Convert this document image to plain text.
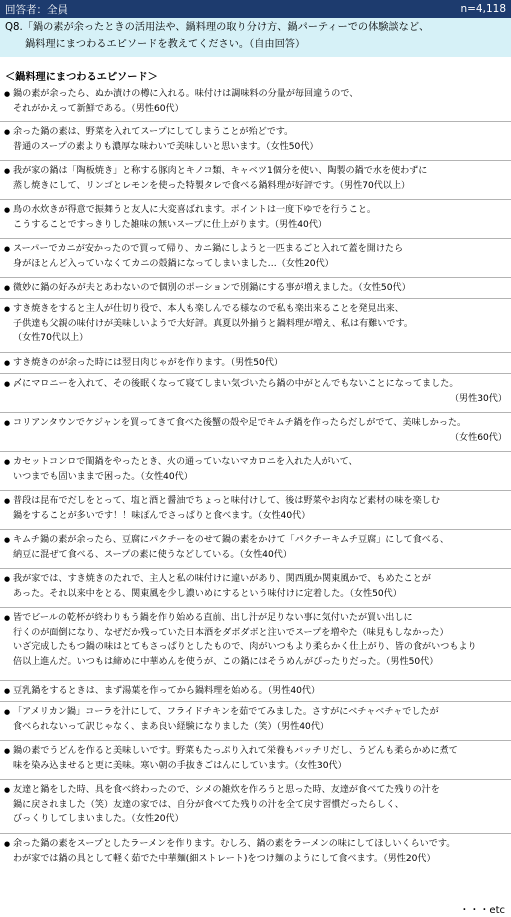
回答者：全員	n=4,118
Q8.「鍋の素が余ったときの活用法や、鍋料理の取り分け方、鍋パーティーでの体験談など、
鍋料理にまつわるエピソードを教えてください。（自由回答）
＜鍋料理にまつわるエピソード＞
● 鍋の素が余ったら、ぬか漬けの樽に入れる。味付けは調味料の分量が毎回違うので、
それがかえって新鮮である。（男性60代）
● 余った鍋の素は、野菜を入れてスープにしてしまうことが殆どです。
普通のスープの素よりも濃厚な味わいで美味しいと思います。（女性50代）
● 我が家の鍋は「陶板焼き」と称する豚肉とキノコ類、キャベツ1個分を使い、陶製の鍋で水を使わずに
蒸し焼きにして、リンゴとレモンを使った特製タレで食べる鍋料理が好評です。（男性70代以上）
● 鳥の水炊きが得意で振舞うと友人に大変喜ばれます。ポイントは一度下ゆでを行うこと。
こうすることですっきりした雑味の無いスープに仕上がります。（男性40代）
● スーパーでカニが安かったので買って帰り、カニ鍋にしようと一匹まるごと入れて蓋を開けたら
身がほとんど入っていなくてカニの殻鍋になってしまいました…（女性20代）
● 微妙に鍋の好みが夫とあわないので個別のポーションで別鍋にする事が増えました。（女性50代）
● すき焼きをすると主人が仕切り役で、本人も楽しんでる様なので私も楽出来ることを発見出来、
子供達も父親の味付けが美味しいようで大好評。真夏以外揃うと鍋料理が増え、私は有難いです。
（女性70代以上）
● すき焼きのが余った時には翌日肉じゃがを作ります。（男性50代）
● 〆にマロニーを入れて、その後眠くなって寝てしまい気づいたら鍋の中がとんでもないことになってました。
（男性30代）
● コリアンタウンでケジャンを買ってきて食べた後蟹の殻や足でキムチ鍋を作ったらだしがでて、美味しかった。
（女性60代）
● カセットコンロで閨鍋をやったとき、火の通っていないマカロニを入れた人がいて、
いつまでも固いままで困った。（女性40代）
● 普段は昆布でだしをとって、塩と酒と醤油でちょっと味付けして、後は野菜やお肉など素材の味を楽しむ
鍋をすることが多いです！！味ぽんでさっぱりと食べます。（女性40代）
● キムチ鍋の素が余ったら、豆腐にパクチーをのせて鍋の素をかけて「パクチーキムチ豆腐」にして食べる、
納豆に混ぜて食べる、スープの素に使うなどしている。（女性40代）
● 我が家では、すき焼きのたれで、主人と私の味付けに違いがあり、関西風か関東風かで、もめたことが
あった。それ以来中をとる、関東風を少し濃いめにするという味付けに定着した。（女性50代）
● 皆でビールの乾杯が終わりもう鍋を作り始める直前、出し汁が足りない事に気付いたが買い出しに
行くのが面倒になり、なぜだか残っていた日本酒をダボダボと注いでスープを増やた（味見もしなかった）
いざ完成したもつ鍋の味はとてもさっぱりとしたもので、肉がいつもより柔らかく仕上がり、皆の食がいつもより
倍以上進んだ。いつもは締めに中華めんを使うが、この鍋にはそうめんがぴったりだった。（男性50代）
● 豆乳鍋をするときは、まず湯葉を作ってから鍋料理を始める。（男性40代）
● 「アメリカン鍋」コーラを汁にして、フライドチキンを茹でてみました。さすがにベチャベチャでしたが
食べられないって訳じゃなく、まあ良い経験になりました（笑）（男性40代）
● 鍋の素でうどんを作ると美味しいです。野菜もたっぷり入れて栄養もバッチリだし、うどんも柔らかめに煮て
味を染み込ませると更に美味。寒い朝の手抜きごはんにしています。（女性30代）
● 友達と鍋をした時、具を食べ終わったので、シメの雑炊を作ろうと思った時、友達が食べてた残りの汁を
鍋に戻されました（笑）友達の家では、自分が食べてた残りの汁を全て戻す習慣だったらしく、
びっくりしてしまいました。（女性20代）
● 余った鍋の素をスープとしたラーメンを作ります。むしろ、鍋の素をラーメンの味にしてほしいくらいです。
わが家では鍋の具として軽く茹でた中華麺(細ストレート)をつけ麺のようにして食べます。（男性20代）
・・・etc
